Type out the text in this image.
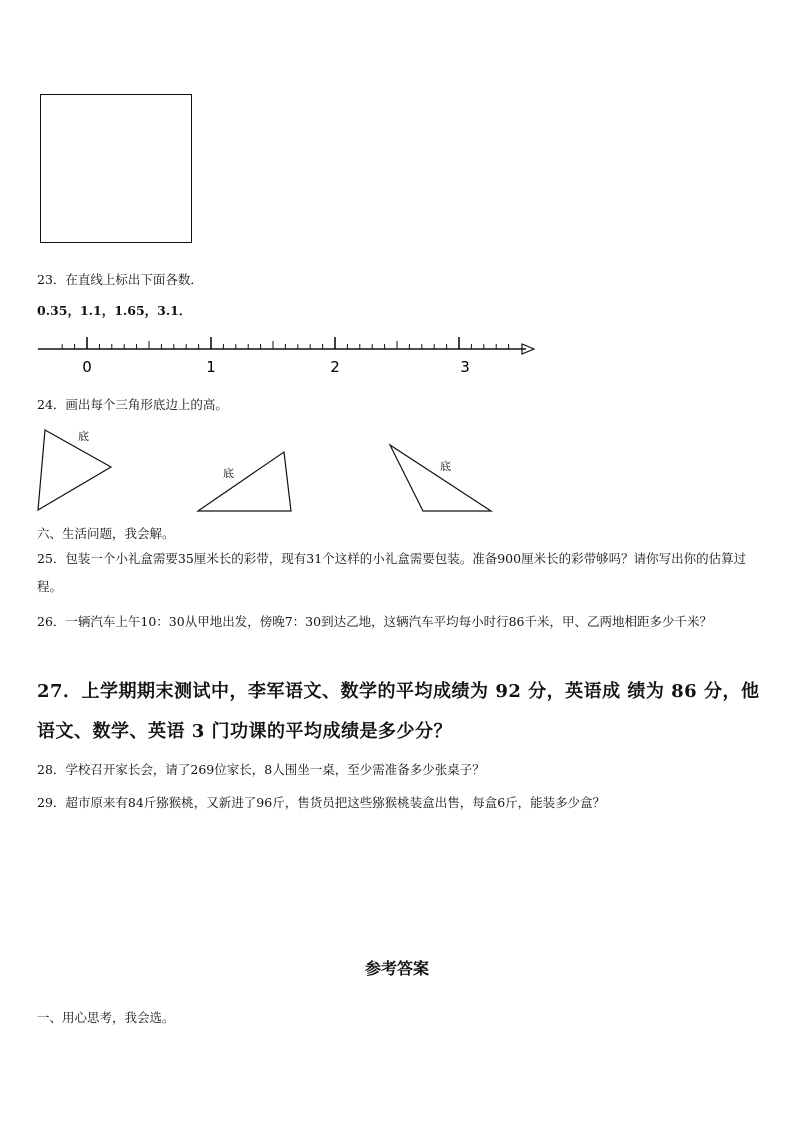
23．在直线上标出下面各数．
0.35，1.1，1.65，3.1．
0	1	2	3
24．画出每个三角形底边上的高。
底
底
底
六、生活问题，我会解。
25．包装一个小礼盒需要35厘米长的彩带，现有31个这样的小礼盒需要包装。准备900厘米长的彩带够吗？请你写出你的估算过程。
26．一辆汽车上午10：30从甲地出发，傍晚7：30到达乙地，这辆汽车平均每小时行86千米，甲、乙两地相距多少千米？
27．上学期期末测试中，李军语文、数学的平均成绩为 92 分，英语成 绩为 86 分，他语文、数学、英语 3 门功课的平均成绩是多少分？
28．学校召开家长会，请了269位家长，8人围坐一桌，至少需准备多少张桌子？
29．超市原来有84斤猕猴桃，又新进了96斤，售货员把这些猕猴桃装盒出售，每盒6斤，能装多少盒？
参考答案
一、用心思考，我会选。
